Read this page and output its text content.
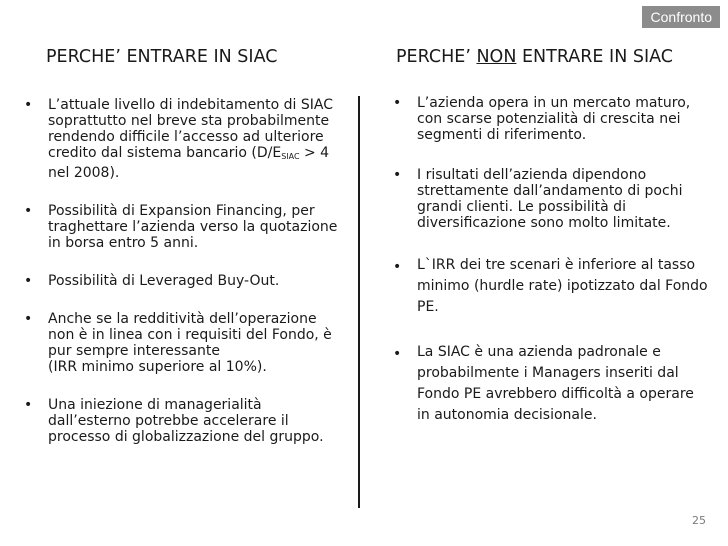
Confronto
PERCHE’ ENTRARE IN SIAC	PERCHE’ NON ENTRARE IN SIAC
• L’attuale livello di indebitamento di SIAC soprattutto nel breve sta probabilmente rendendo difficile l’accesso ad ulteriore credito dal sistema bancario ($D/E_{SIAC} > 4$ nel 2008).
• Possibilità di Expansion Financing, per traghettare l’azienda verso la quotazione in borsa entro 5 anni.
• Possibilità di Leveraged Buy-Out.
• Anche se la redditività dell’operazione non è in linea con i requisiti del Fondo, è pur sempre interessante
(IRR minimo superiore al 10%).
• Una iniezione di managerialità dall’esterno potrebbe accelerare il processo di globalizzazione del gruppo.
• L’azienda opera in un mercato maturo, con scarse potenzialità di crescita nei segmenti di riferimento.
• I risultati dell’azienda dipendono strettamente dall’andamento di pochi grandi clienti. Le possibilità di diversificazione sono molto limitate.
• L`IRR dei tre scenari è inferiore al tasso minimo (hurdle rate) ipotizzato dal Fondo PE.
• La SIAC è una azienda padronale e probabilmente i Managers inseriti dal Fondo PE avrebbero difficoltà a operare in autonomia decisionale.
25
